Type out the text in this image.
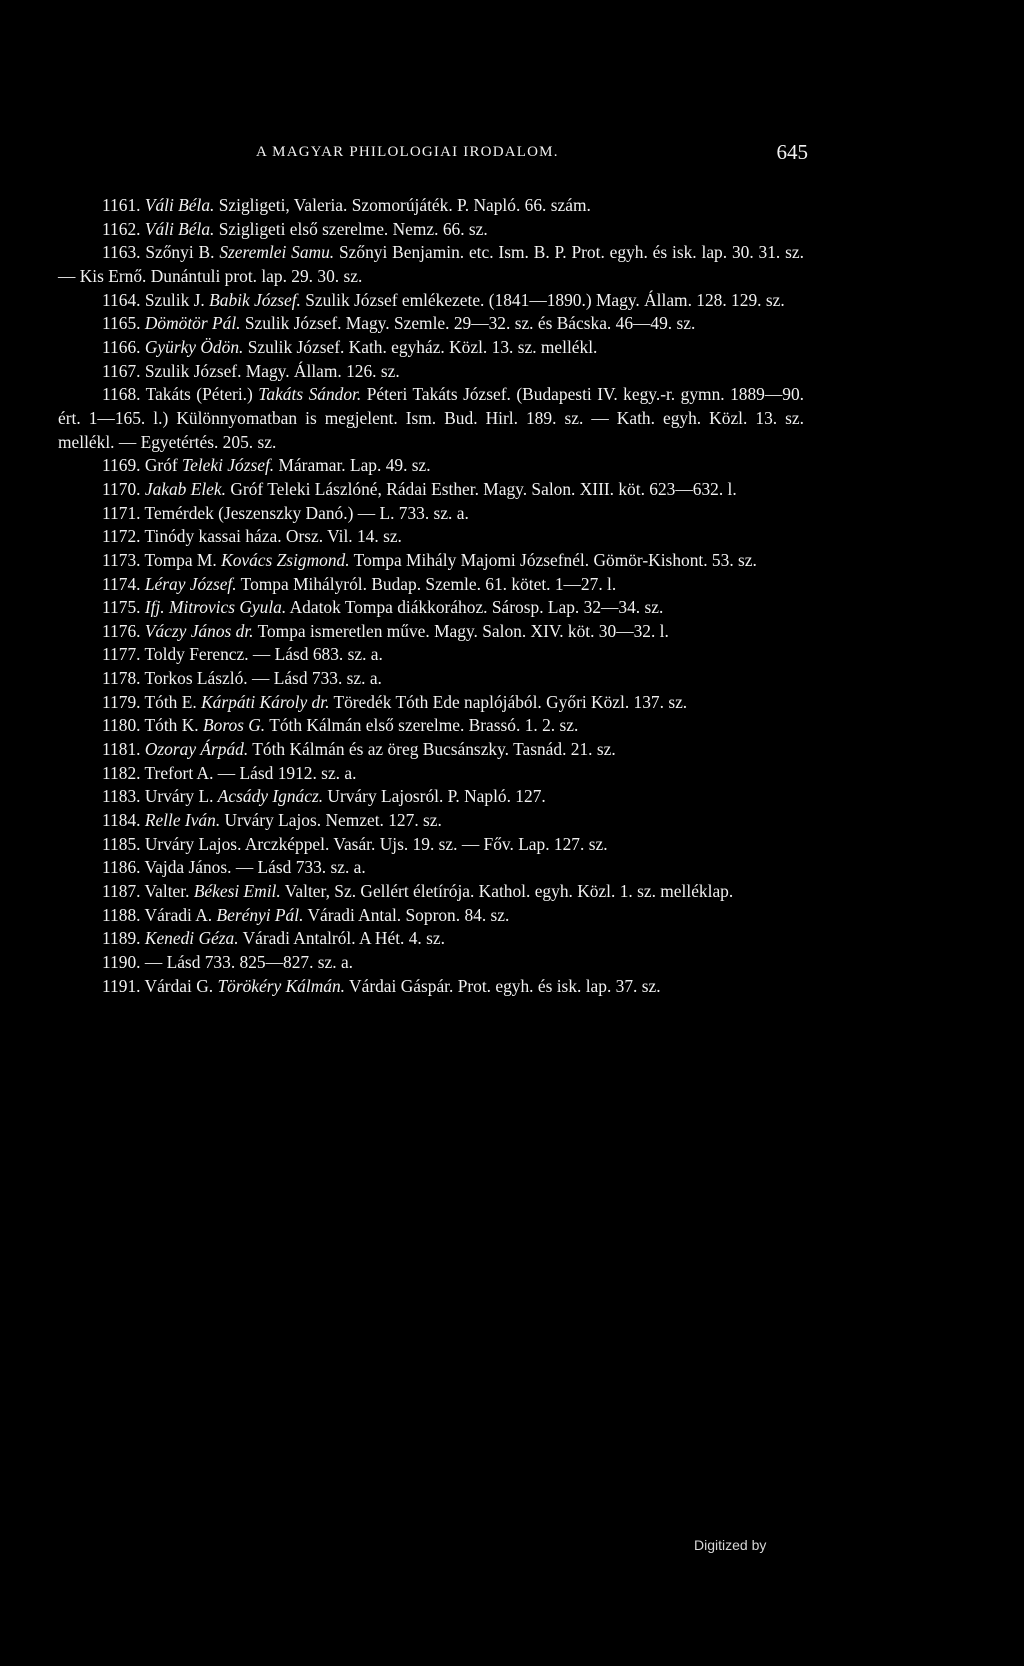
A MAGYAR PHILOLOGIAI IRODALOM.	645

1161. Váli Béla. Szigligeti, Valeria. Szomorújáték. P. Napló. 66. szám.

1162. Váli Béla. Szigligeti első szerelme. Nemz. 66. sz.

1163. Szőnyi B. Szeremlei Samu. Szőnyi Benjamin. etc. Ism. B. P. Prot. egyh. és isk. lap. 30. 31. sz. — Kis Ernő. Dunántuli prot. lap. 29. 30. sz.

1164. Szulik J. Babik József. Szulik József emlékezete. (1841—1890.) Magy. Állam. 128. 129. sz.

1165. Dömötör Pál. Szulik József. Magy. Szemle. 29—32. sz. és Bácska. 46—49. sz.

1166. Gyürky Ödön. Szulik József. Kath. egyház. Közl. 13. sz. mellékl.

1167. Szulik József. Magy. Állam. 126. sz.

1168. Takáts (Péteri.) Takáts Sándor. Péteri Takáts József. (Budapesti IV. kegy.-r. gymn. 1889—90. ért. 1—165. l.) Különnyomatban is megjelent. Ism. Bud. Hirl. 189. sz. — Kath. egyh. Közl. 13. sz. mellékl. — Egyetértés. 205. sz.

1169. Gróf Teleki József. Máramar. Lap. 49. sz.

1170. Jakab Elek. Gróf Teleki Lászlóné, Rádai Esther. Magy. Salon. XIII. köt. 623—632. l.

1171. Temérdek (Jeszenszky Danó.) — L. 733. sz. a.

1172. Tinódy kassai háza. Orsz. Vil. 14. sz.

1173. Tompa M. Kovács Zsigmond. Tompa Mihály Majomi Józsefnél. Gömör-Kishont. 53. sz.

1174. Léray József. Tompa Mihályról. Budap. Szemle. 61. kötet. 1—27. l.

1175. Ifj. Mitrovics Gyula. Adatok Tompa diákkorához. Sárosp. Lap. 32—34. sz.

1176. Váczy János dr. Tompa ismeretlen műve. Magy. Salon. XIV. köt. 30—32. l.

1177. Toldy Ferencz. — Lásd 683. sz. a.

1178. Torkos László. — Lásd 733. sz. a.

1179. Tóth E. Kárpáti Károly dr. Töredék Tóth Ede naplójából. Győri Közl. 137. sz.

1180. Tóth K. Boros G. Tóth Kálmán első szerelme. Brassó. 1. 2. sz.

1181. Ozoray Árpád. Tóth Kálmán és az öreg Bucsánszky. Tasnád. 21. sz.

1182. Trefort A. — Lásd 1912. sz. a.

1183. Urváry L. Acsády Ignácz. Urváry Lajosról. P. Napló. 127.

1184. Relle Iván. Urváry Lajos. Nemzet. 127. sz.

1185. Urváry Lajos. Arczképpel. Vasár. Ujs. 19. sz. — Főv. Lap. 127. sz.

1186. Vajda János. — Lásd 733. sz. a.

1187. Valter. Békesi Emil. Valter, Sz. Gellért életírója. Kathol. egyh. Közl. 1. sz. melléklap.

1188. Váradi A. Berényi Pál. Váradi Antal. Sopron. 84. sz.

1189. Kenedi Géza. Váradi Antalról. A Hét. 4. sz.

1190. — Lásd 733. 825—827. sz. a.

1191. Várdai G. Törökéry Kálmán. Várdai Gáspár. Prot. egyh. és isk. lap. 37. sz.

Digitized by
